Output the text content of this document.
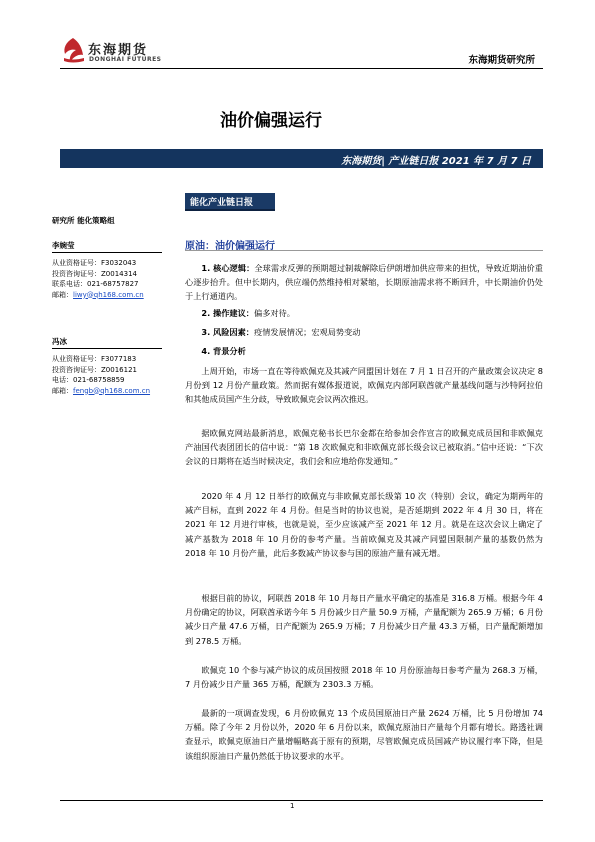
东海期货
DONGHAI FUTURES	东海期货研究所
油价偏强运行
东海期货| 产业链日报 2021 年 7 月 7 日
能化产业链日报
研究所 能化策略组
李婉莹
从业资格证号：F3032043
投资咨询证号：Z0014314
联系电话：021-68757827
邮箱：liwy@qh168.com.cn
冯冰
从业资格证号：F3077183
投资咨询证号：Z0016121
电话：021-68758859
邮箱：fengb@qh168.com.cn
原油：油价偏强运行

1. 核心逻辑：全球需求反弹的预期超过制裁解除后伊朗增加供应带来的担忧，导致近期油价重心逐步抬升。但中长期内，供应端仍然维持相对紧缩，长期原油需求将不断回升，中长期油价仍处于上行通道内。

2. 操作建议：偏多对待。

3. 风险因素：疫情发展情况；宏观局势变动

4. 背景分析

上周开始，市场一直在等待欧佩克及其减产同盟国计划在 7 月 1 日召开的产量政策会议决定 8 月份到 12 月份产量政策。然而据有媒体报道说，欧佩克内部阿联酋就产量基线问题与沙特阿拉伯和其他成员国产生分歧，导致欧佩克会议两次推迟。

据欧佩克网站最新消息，欧佩克秘书长巴尔金都在给参加会作宣言的欧佩克成员国和非欧佩克产油国代表团团长的信中说：“第 18 次欧佩克和非欧佩克部长级会议已被取消。”信中还说：“下次会议的日期将在适当时候决定，我们会和应地给你发通知。”

2020 年 4 月 12 日举行的欧佩克与非欧佩克部长级第 10 次（特别）会议，确定为期两年的减产目标，直到 2022 年 4 月份。但是当时的协议也说，是否延期到 2022 年 4 月 30 日，将在 2021 年 12 月进行审核，也就是说，至少应该减产至 2021 年 12 月。就是在这次会议上确定了减产基数为 2018 年 10 月份的参考产量。当前欧佩克及其减产同盟国限制产量的基数仍然为 2018 年 10 月份产量，此后多数减产协议参与国的原油产量有减无增。

根据目前的协议，阿联酋 2018 年 10 月每日产量水平确定的基准是 316.8 万桶。根据今年 4 月份确定的协议，阿联酋承诺今年 5 月份减少日产量 50.9 万桶，产量配额为 265.9 万桶；6 月份减少日产量 47.6 万桶，日产配额为 265.9 万桶；7 月份减少日产量 43.3 万桶，日产量配额增加到 278.5 万桶。

欧佩克 10 个参与减产协议的成员国按照 2018 年 10 月份原油每日参考产量为 268.3 万桶，7 月份减少日产量 365 万桶，配额为 2303.3 万桶。

最新的一项调查发现，6 月份欧佩克 13 个成员国原油日产量 2624 万桶，比 5 月份增加 74 万桶。除了今年 2 月份以外，2020 年 6 月份以来，欧佩克原油日产量每个月都有增长。路透社调查显示，欧佩克原油日产量增幅略高于原有的预期，尽管欧佩克成员国减产协议履行率下降，但是该组织原油日产量仍然低于协议要求的水平。

1
